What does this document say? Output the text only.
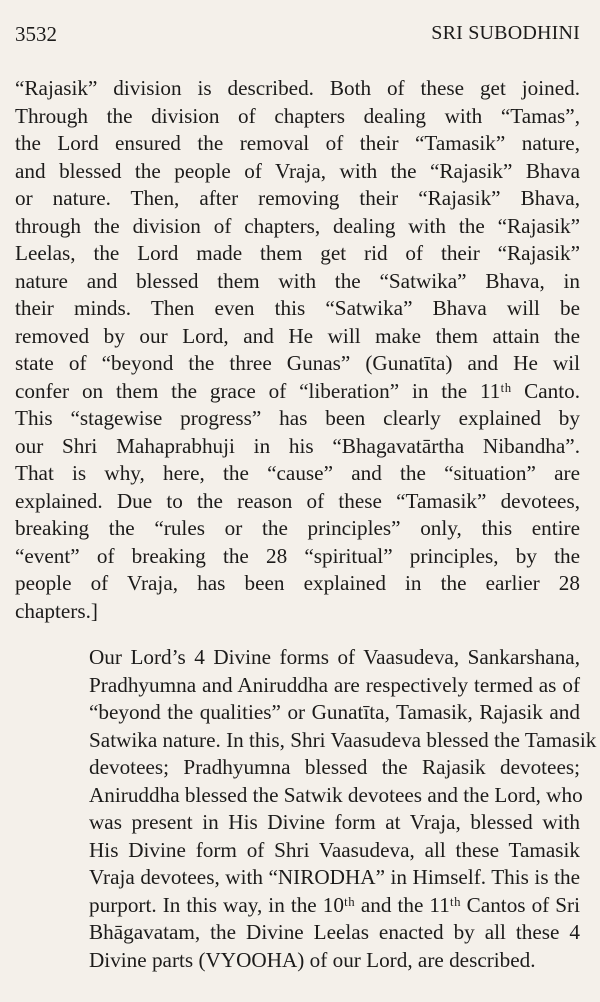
3532	SRI SUBODHINI

“Rajasik” division is described. Both of these get joined.
Through the division of chapters dealing with “Tamas”,
the Lord ensured the removal of their “Tamasik” nature,
and blessed the people of Vraja, with the “Rajasik” Bhava
or nature. Then, after removing their “Rajasik” Bhava,
through the division of chapters, dealing with the “Rajasik”
Leelas, the Lord made them get rid of their “Rajasik”
nature and blessed them with the “Satwika” Bhava, in
their minds. Then even this “Satwika” Bhava will be
removed by our Lord, and He will make them attain the
state of “beyond the three Gunas” (Gunatīta) and He wil
confer on them the grace of “liberation” in the 11ᵗʰ Canto.
This “stagewise progress” has been clearly explained by
our Shri Mahaprabhuji in his “Bhagavatārtha Nibandha”.
That is why, here, the “cause” and the “situation” are
explained. Due to the reason of these “Tamasik” devotees,
breaking the “rules or the principles” only, this entire
“event” of breaking the 28 “spiritual” principles, by the
people of Vraja, has been explained in the earlier 28
chapters.]

Our Lord’s 4 Divine forms of Vaasudeva, Sankarshana,
Pradhyumna and Aniruddha are respectively termed as of
“beyond the qualities” or Gunatīta, Tamasik, Rajasik and
Satwika nature. In this, Shri Vaasudeva blessed the Tamasik
devotees; Pradhyumna blessed the Rajasik devotees;
Aniruddha blessed the Satwik devotees and the Lord, who
was present in His Divine form at Vraja, blessed with
His Divine form of Shri Vaasudeva, all these Tamasik
Vraja devotees, with “NIRODHA” in Himself. This is the
purport. In this way, in the 10ᵗʰ and the 11ᵗʰ Cantos of Sri
Bhāgavatam, the Divine Leelas enacted by all these 4
Divine parts (VYOOHA) of our Lord, are described.
